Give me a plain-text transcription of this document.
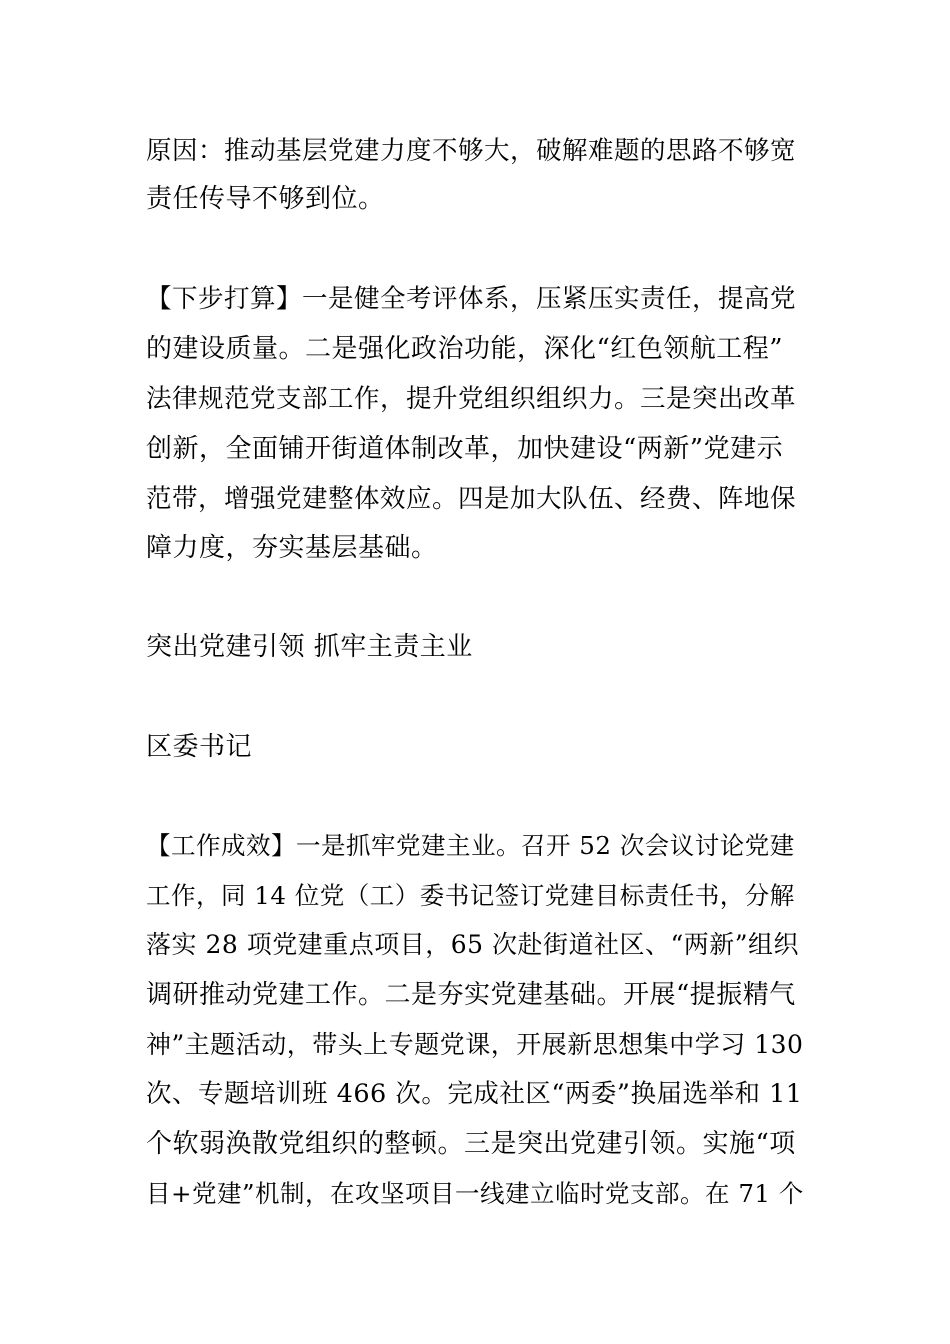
原因：推动基层党建力度不够大，破解难题的思路不够宽
责任传导不够到位。
【下步打算】一是健全考评体系，压紧压实责任，提高党
的建设质量。二是强化政治功能，深化“红色领航工程”
法律规范党支部工作，提升党组织组织力。三是突出改革
创新，全面铺开街道体制改革，加快建设“两新”党建示
范带，增强党建整体效应。四是加大队伍、经费、阵地保
障力度，夯实基层基础。
突出党建引领 抓牢主责主业
区委书记
【工作成效】一是抓牢党建主业。召开 52 次会议讨论党建
工作，同 14 位党（工）委书记签订党建目标责任书，分解
落实 28 项党建重点项目，65 次赴街道社区、“两新”组织
调研推动党建工作。二是夯实党建基础。开展“提振精气
神”主题活动，带头上专题党课，开展新思想集中学习 130
次、专题培训班 466 次。完成社区“两委”换届选举和 11
个软弱涣散党组织的整顿。三是突出党建引领。实施“项
目+党建”机制，在攻坚项目一线建立临时党支部。在 71 个
